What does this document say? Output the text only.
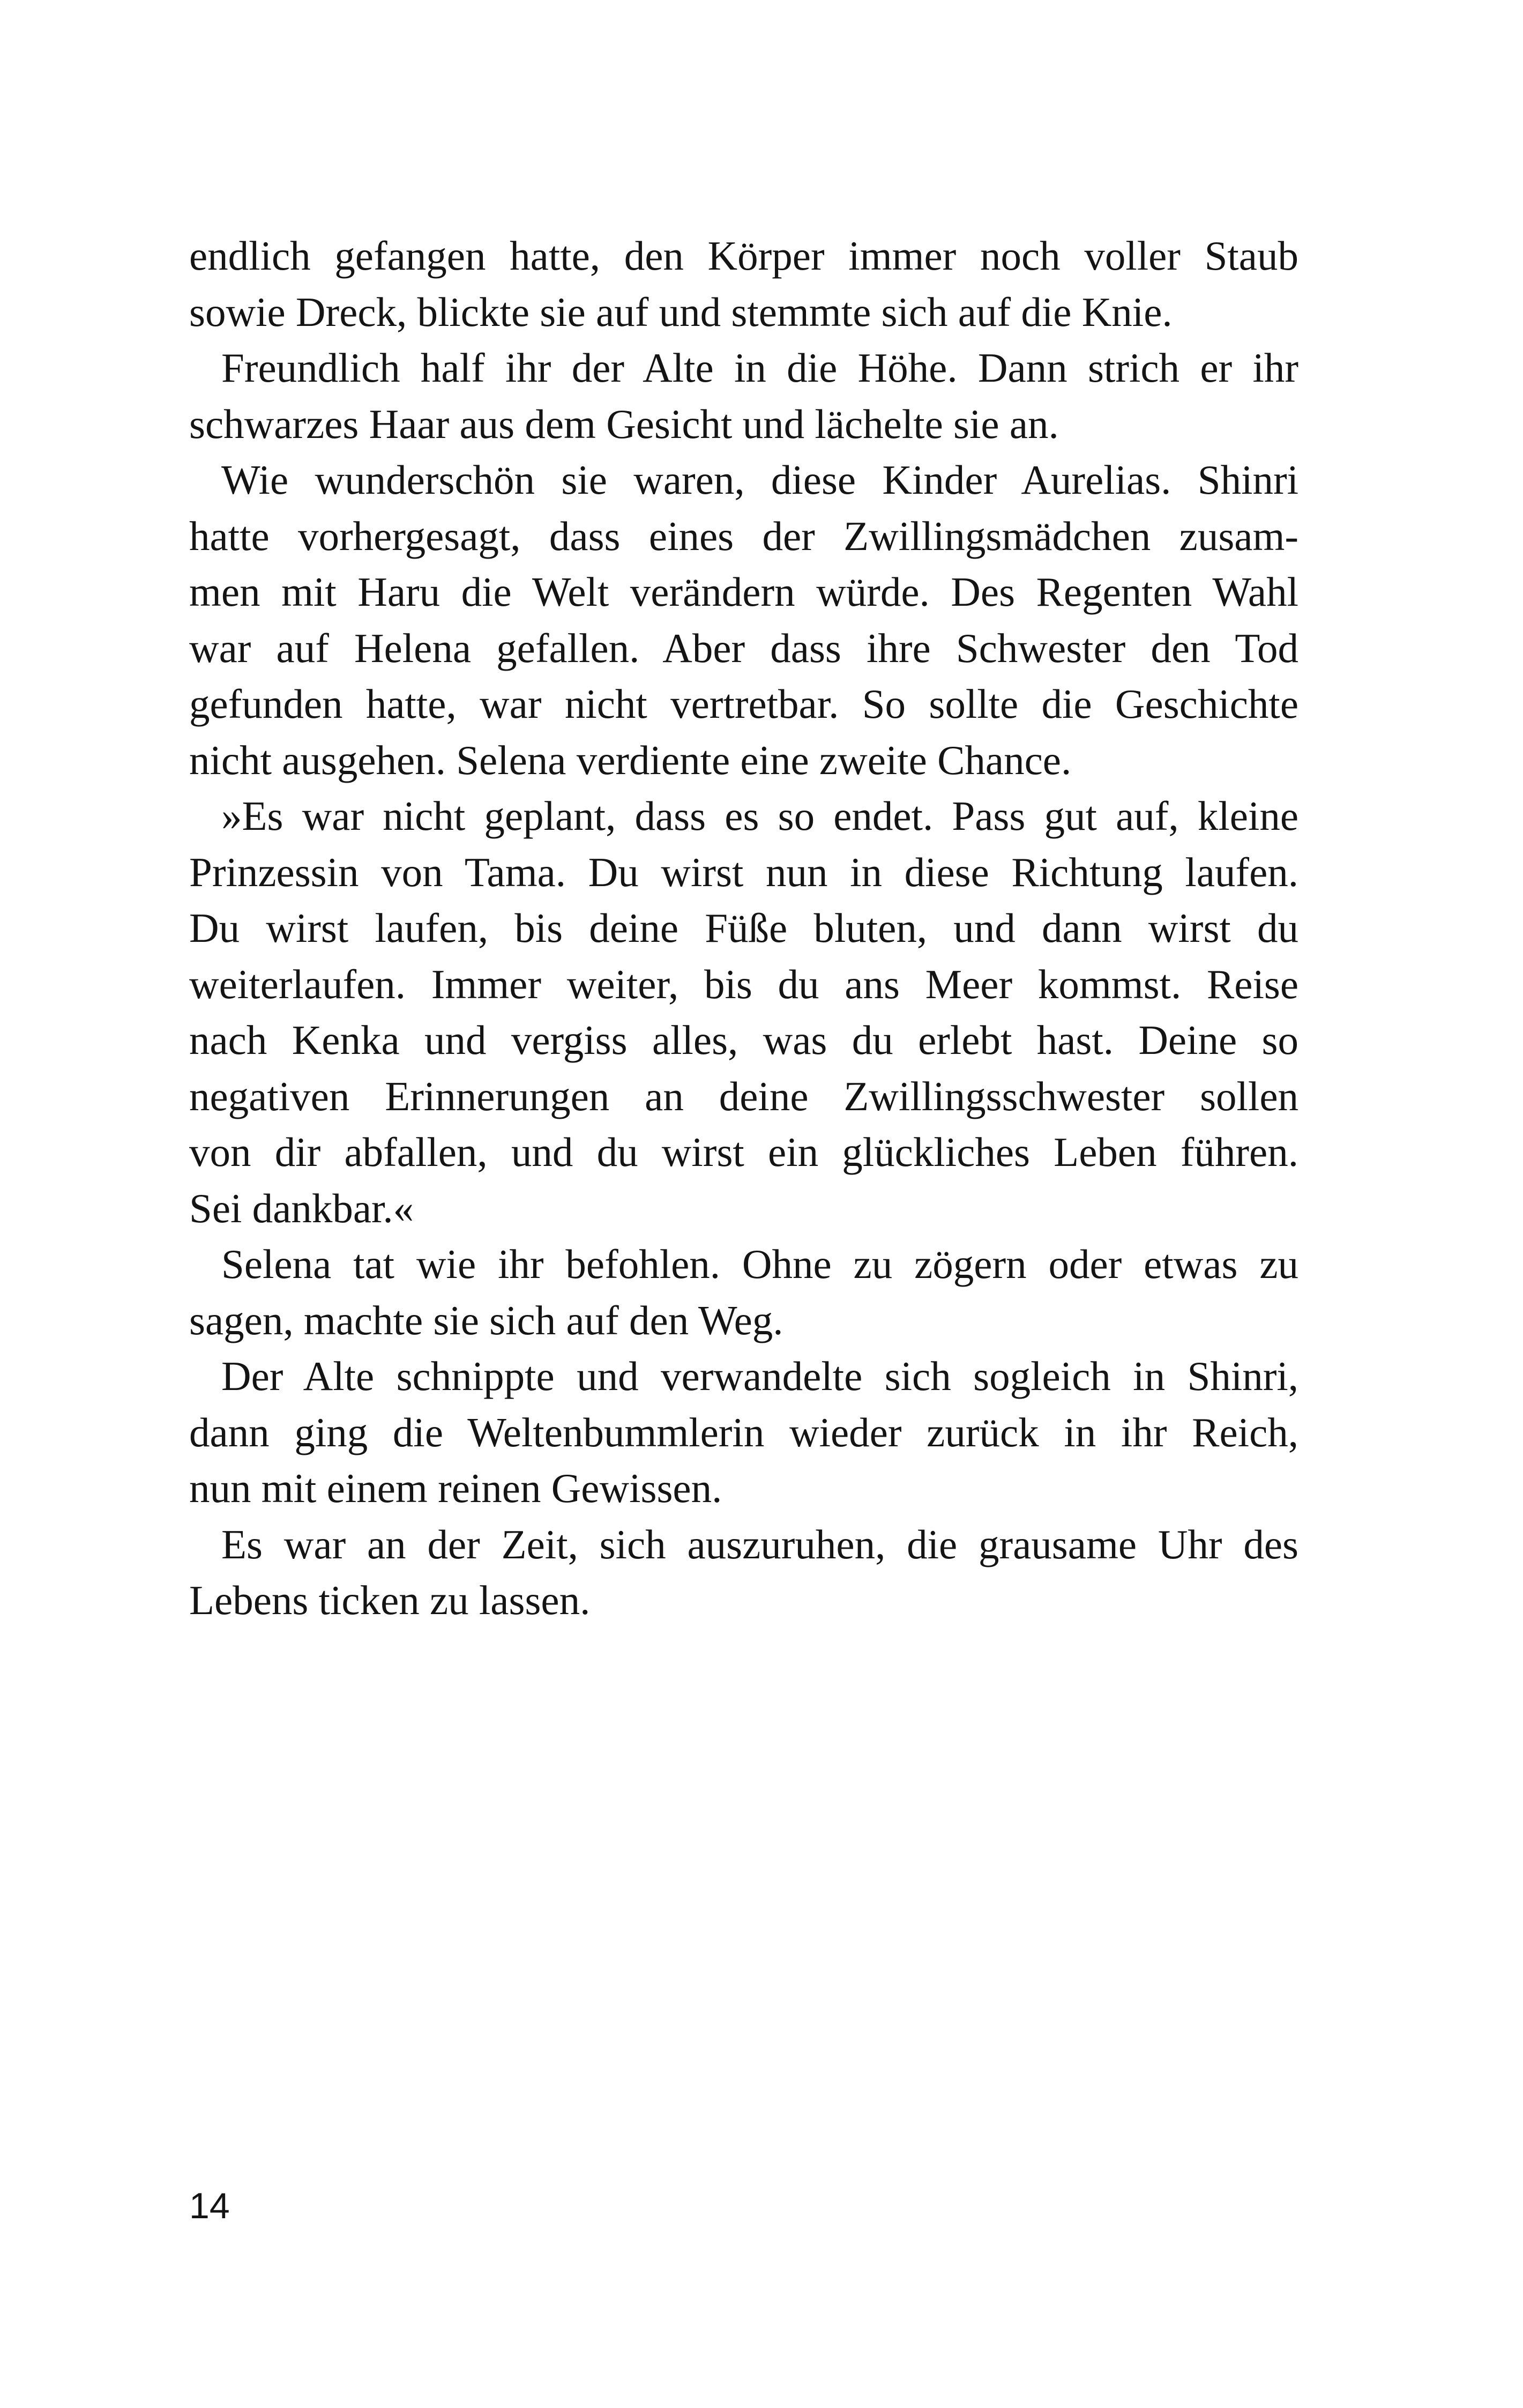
endlich gefangen hatte, den Körper immer noch voller Staub
sowie Dreck, blickte sie auf und stemmte sich auf die Knie.

Freundlich half ihr der Alte in die Höhe. Dann strich er ihr
schwarzes Haar aus dem Gesicht und lächelte sie an.

Wie wunderschön sie waren, diese Kinder Aurelias. Shinri
hatte vorhergesagt, dass eines der Zwillingsmädchen zusam-
men mit Haru die Welt verändern würde. Des Regenten Wahl
war auf Helena gefallen. Aber dass ihre Schwester den Tod
gefunden hatte, war nicht vertretbar. So sollte die Geschichte
nicht ausgehen. Selena verdiente eine zweite Chance.

»Es war nicht geplant, dass es so endet. Pass gut auf, kleine
Prinzessin von Tama. Du wirst nun in diese Richtung laufen.
Du wirst laufen, bis deine Füße bluten, und dann wirst du
weiterlaufen. Immer weiter, bis du ans Meer kommst. Reise
nach Kenka und vergiss alles, was du erlebt hast. Deine so
negativen Erinnerungen an deine Zwillingsschwester sollen
von dir abfallen, und du wirst ein glückliches Leben führen.
Sei dankbar.«

Selena tat wie ihr befohlen. Ohne zu zögern oder etwas zu
sagen, machte sie sich auf den Weg.

Der Alte schnippte und verwandelte sich sogleich in Shinri,
dann ging die Weltenbummlerin wieder zurück in ihr Reich,
nun mit einem reinen Gewissen.

Es war an der Zeit, sich auszuruhen, die grausame Uhr des
Lebens ticken zu lassen.

14
